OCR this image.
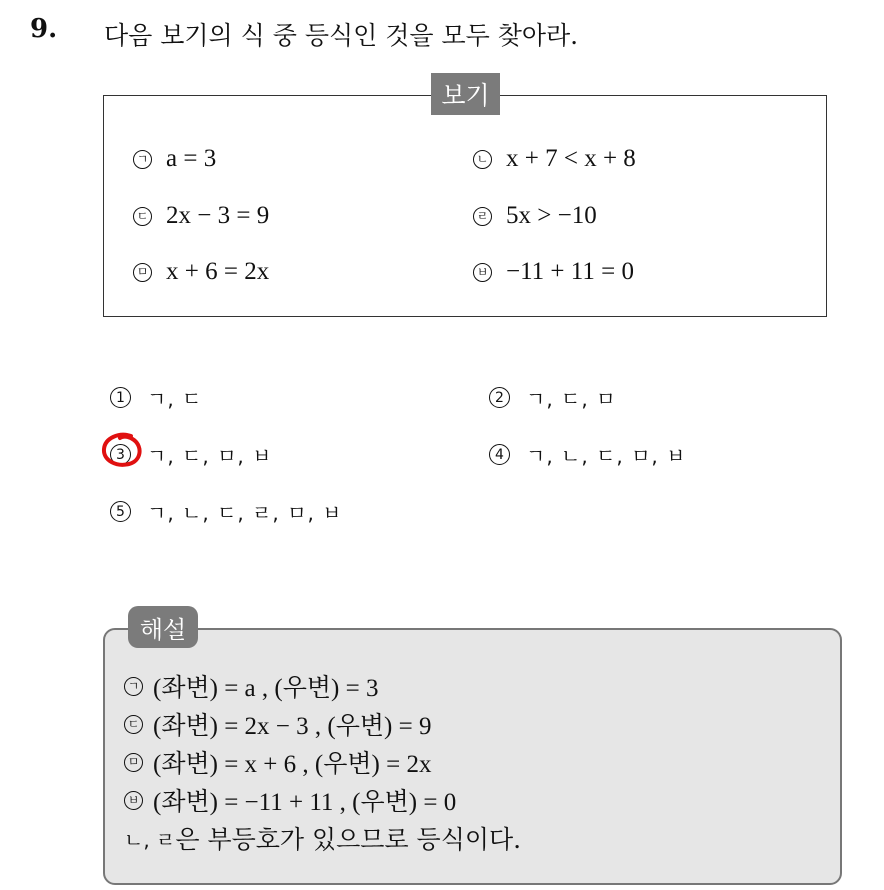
9. 다음 보기의 식 중 등식인 것을 모두 찾아라.
보기
ㄱ a = 3	ㄴ x + 7 < x + 8
ㄷ 2x − 3 = 9	ㄹ 5x > −10
ㅁ x + 6 = 2x	ㅂ −11 + 11 = 0
1	ㄱ, ㄷ	2	ㄱ, ㄷ, ㅁ
3	ㄱ, ㄷ, ㅁ, ㅂ	4	ㄱ, ㄴ, ㄷ, ㅁ, ㅂ
5	ㄱ, ㄴ, ㄷ, ㄹ, ㅁ, ㅂ
해설
ㄱ (좌변) = a , (우변) = 3
ㄷ (좌변) = 2x − 3 , (우변) = 9
ㅁ (좌변) = x + 6 , (우변) = 2x
ㅂ (좌변) = −11 + 11 , (우변) = 0
ㄴ, ㄹ 은 부등호가 있으므로 등식이다.
